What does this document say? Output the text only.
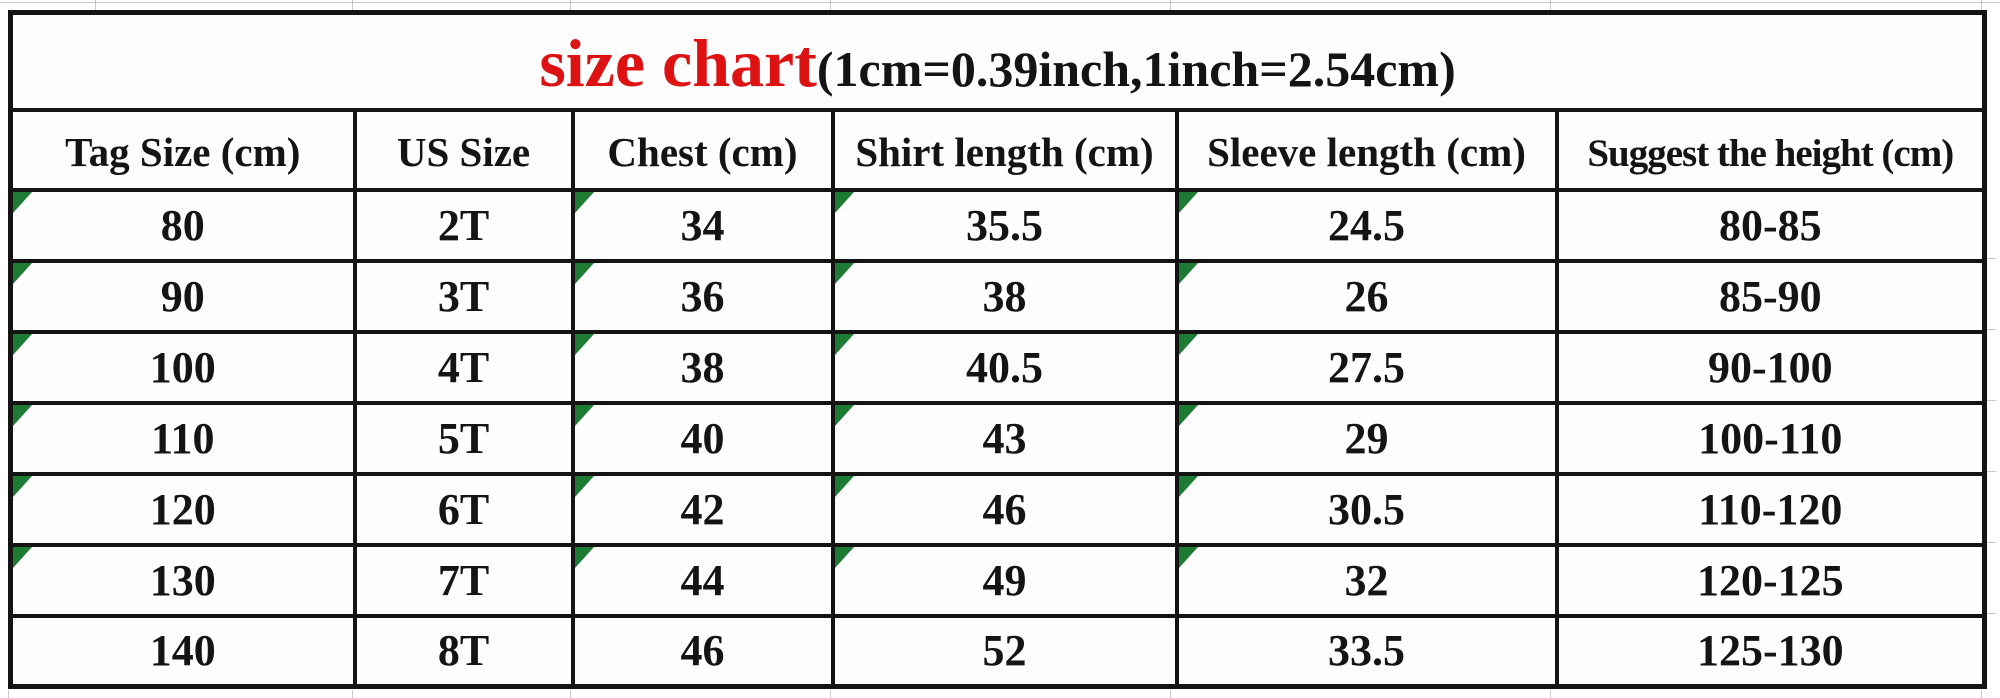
size chart(1cm=0.39inch,1inch=2.54cm)					
Tag Size (cm)	US Size	Chest (cm)	Shirt length (cm)	Sleeve length (cm)	Suggest the height (cm)

80	2T	34	35.5	24.5	80-85

90	3T	36	38	26	85-90

100	4T	38	40.5	27.5	90-100

110	5T	40	43	29	100-110

120	6T	42	46	30.5	110-120

130	7T	44	49	32	120-125
140	8T	46	52	33.5	125-130
